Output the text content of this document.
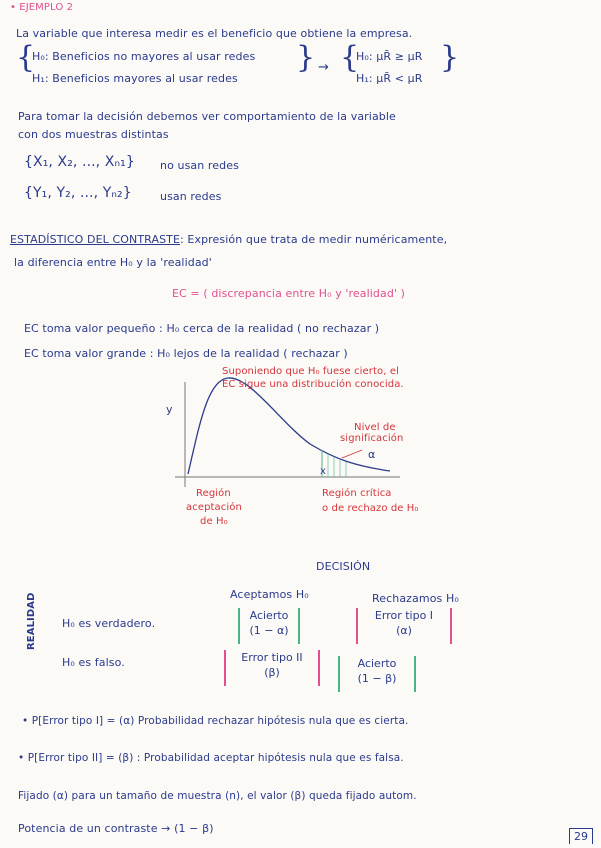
• EJEMPLO 2
La variable que interesa medir es el beneficio que obtiene la empresa.
{
H₀: Beneficios no mayores al usar redes
H₁: Beneficios mayores al usar redes
} → {
H₀: μR̄ ≥ μR
H₁: μR̄ < μR
}
Para tomar la decisión debemos ver comportamiento de la variable
con dos muestras distintas
{X₁, X₂, ..., Xₙ₁} no usan redes
{Y₁, Y₂, ..., Yₙ₂}	usan redes
ESTADÍSTICO DEL CONTRASTE: Expresión que trata de medir numéricamente,
la diferencia entre H₀ y la 'realidad'
EC = ( discrepancia entre H₀ y 'realidad' )
EC toma valor pequeño : H₀ cerca de la realidad ( no rechazar )
EC toma valor grande : H₀ lejos de la realidad ( rechazar )
Suponiendo que H₀ fuese cierto, el
EC sigue una distribución conocida.
y
Nivel de
significación
α
x
Región
aceptación
de H₀
Región crítica
o de rechazo de H₀
DECISIÓN
Aceptamos H₀	Rechazamos H₀
REALIDAD H₀ es verdadero.
H₀ es falso.
Acierto
(1 − α)
Error tipo I
(α)
Error tipo II
(β)
Acierto
(1 − β)
• P[Error tipo I] = (α) Probabilidad rechazar hipótesis nula que es cierta.
• P[Error tipo II] = (β) : Probabilidad aceptar hipótesis nula que es falsa.
Fijado (α) para un tamaño de muestra (n), el valor (β) queda fijado autom.
Potencia de un contraste → (1 − β)
29
